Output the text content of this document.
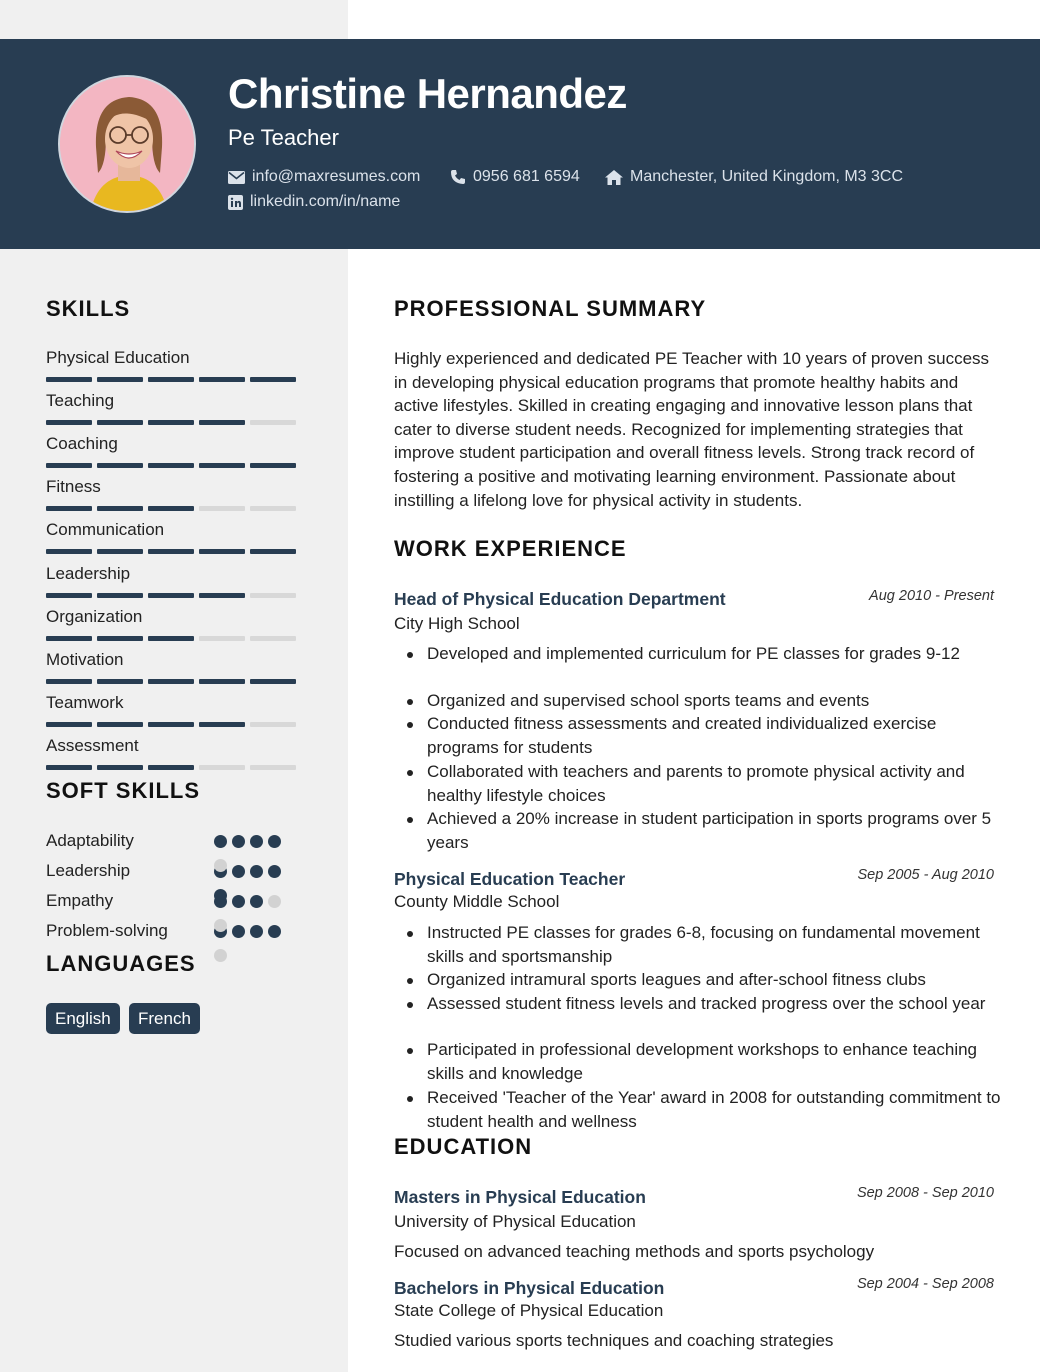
Christine Hernandez
Pe Teacher
info@maxresumes.com	0956 681 6594	Manchester, United Kingdom, M3 3CC
linkedin.com/in/name
SKILLS
Physical Education
Teaching
Coaching
Fitness
Communication
Leadership
Organization
Motivation
Teamwork
Assessment
SOFT SKILLS
Adaptability
Leadership
Empathy
Problem-solving
LANGUAGES
English	French
PROFESSIONAL SUMMARY
Highly experienced and dedicated PE Teacher with 10 years of proven success in developing physical education programs that promote healthy habits and active lifestyles. Skilled in creating engaging and innovative lesson plans that cater to diverse student needs. Recognized for implementing strategies that improve student participation and overall fitness levels. Strong track record of fostering a positive and motivating learning environment. Passionate about instilling a lifelong love for physical activity in students.
WORK EXPERIENCE
Head of Physical Education Department	Aug 2010 - Present
City High School
Developed and implemented curriculum for PE classes for grades 9-12
Organized and supervised school sports teams and events
Conducted fitness assessments and created individualized exercise programs for students
Collaborated with teachers and parents to promote physical activity and healthy lifestyle choices
Achieved a 20% increase in student participation in sports programs over 5 years
Physical Education Teacher	Sep 2005 - Aug 2010
County Middle School
Instructed PE classes for grades 6-8, focusing on fundamental movement skills and sportsmanship
Organized intramural sports leagues and after-school fitness clubs
Assessed student fitness levels and tracked progress over the school year
Participated in professional development workshops to enhance teaching skills and knowledge
Received 'Teacher of the Year' award in 2008 for outstanding commitment to student health and wellness
EDUCATION
Masters in Physical Education	Sep 2008 - Sep 2010
University of Physical Education
Focused on advanced teaching methods and sports psychology
Bachelors in Physical Education	Sep 2004 - Sep 2008
State College of Physical Education
Studied various sports techniques and coaching strategies
